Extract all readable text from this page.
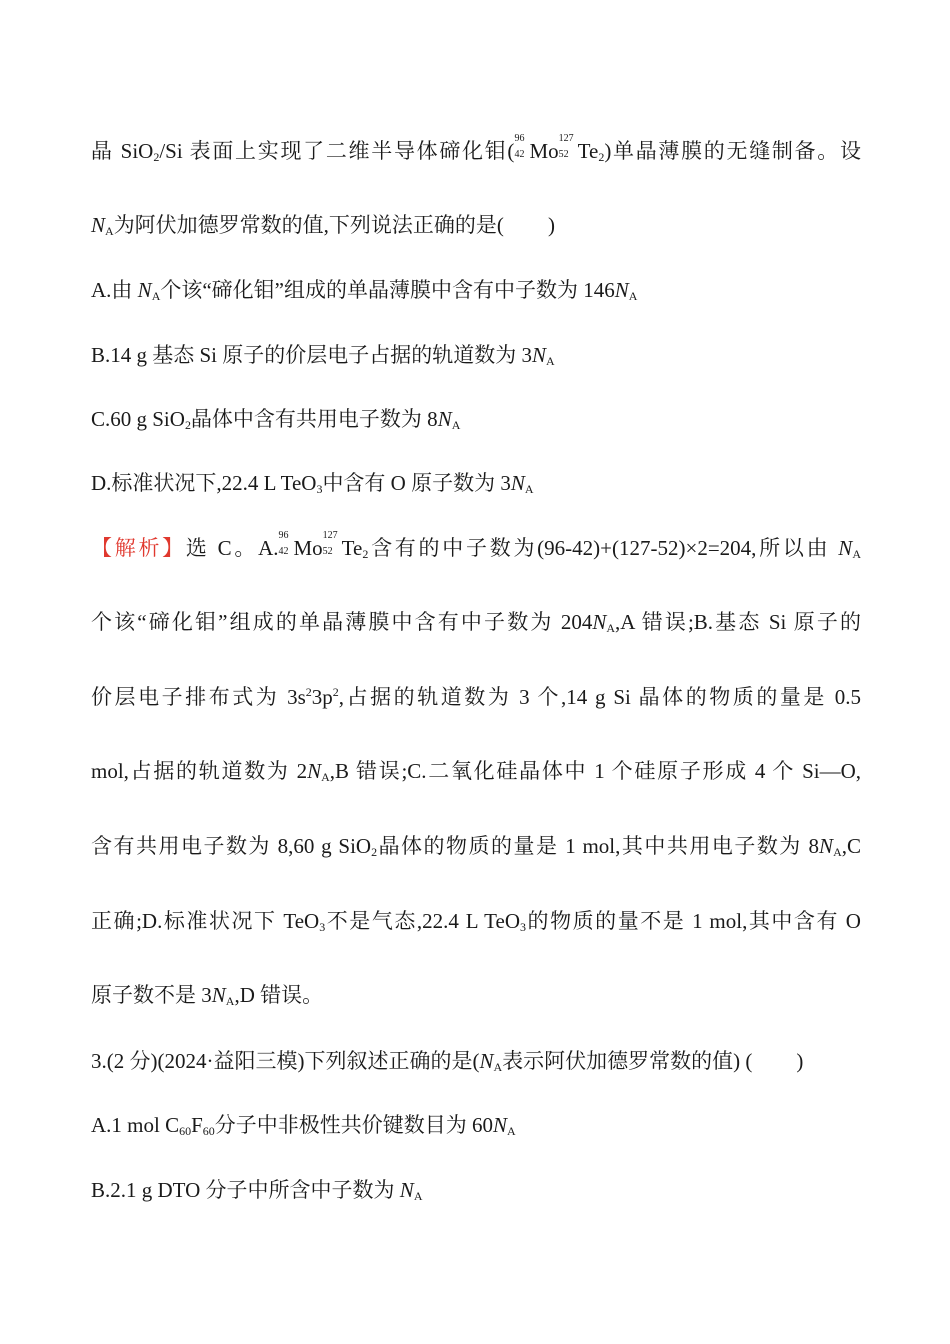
晶 SiO$_2$/Si 表面上实现了二维半导体碲化钼(
96
42 Mo
127
52 $Te_2$)单晶薄膜的无缝制备。设
$N_A$为阿伏加德罗常数的值,下列说法正确的是( )
A.由 $N_A$个该“碲化钼”组成的单晶薄膜中含有中子数为 $146N_A$
B.14 g 基态 Si 原子的价层电子占据的轨道数为 $3N_A$
C.60 g SiO$_2$晶体中含有共用电子数为 $8N_A$
D.标准状况下,22.4 L TeO$_3$中含有 O 原子数为 $3N_A$
【解析】选 C。A.
96
42 Mo
127
52 $Te_2$含有的中子数为(96-42)+(127-52)×2=204,所以由 $N_A$
个该“碲化钼”组成的单晶薄膜中含有中子数为 $204N_A,A$ 错误;B.基态 Si 原子的
价层电子排布式为 $3s^23p^2$,占据的轨道数为 3 个,14 g Si 晶体的物质的量是 0.5
mol,占据的轨道数为 $2N_A,B$ 错误;C.二氧化硅晶体中 1 个硅原子形成 4 个 Si—O,
含有共用电子数为 8,60 g SiO$_2$晶体的物质的量是 1 mol,其中共用电子数为 $8N_A,C$
正确;D.标准状况下 TeO$_3$不是气态,22.4 L TeO$_3$的物质的量不是 1 mol,其中含有 O
原子数不是 $3N_A,D$ 错误。
3.(2 分)(2024·益阳三模)下列叙述正确的是($N_A$表示阿伏加德罗常数的值) ( )
A.1 mol $C_{60}F_{60}$分子中非极性共价键数目为 $60N_A$
B.2.1 g DTO 分子中所含中子数为 $N_A$
